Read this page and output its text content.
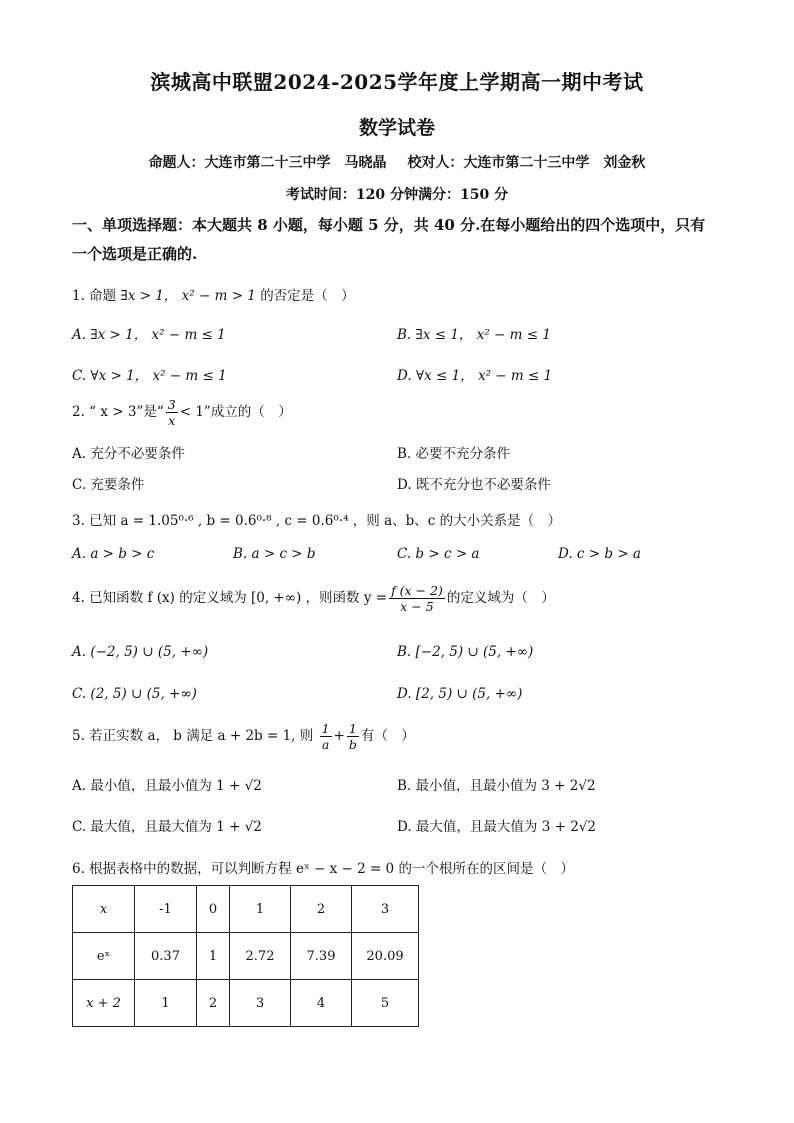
滨城高中联盟2024-2025学年度上学期高一期中考试
数学试卷
命题人：大连市第二十三中学　马晓晶 校对人：大连市第二十三中学　刘金秋
考试时间：120 分钟满分：150 分
一、单项选择题：本大题共 8 小题，每小题 5 分，共 40 分.在每小题给出的四个选项中，只有
一个选项是正确的.
1. 命题 ∃x > 1， x² − m > 1 的否定是（　）
A. ∃x > 1， x² − m ≤ 1	B. ∃x ≤ 1， x² − m ≤ 1
C. ∀x > 1， x² − m ≤ 1	D. ∀x ≤ 1， x² − m ≤ 1
2. “ x > 3”是“ $\frac{3}{x} < 1$”成立的（　）
A. 充分不必要条件	B. 必要不充分条件
C. 充要条件	D. 既不充分也不必要条件
3. 已知 a = 1.05⁰·⁶ , b = 0.6⁰·⁸ , c = 0.6⁰·⁴ ，则 a、b、c 的大小关系是（　）
A. a > b > c	B. a > c > b	C. b > c > a	D. c > b > a
4. 已知函数 f (x) 的定义域为 [0, +∞) ，则函数 $y = \frac{f (x - 2)}{x - 5}$ 的定义域为（　）
A. (−2, 5) ∪ (5, +∞)	B. [−2, 5) ∪ (5, +∞)
C. (2, 5) ∪ (5, +∞)	D. [2, 5) ∪ (5, +∞)
5. 若正实数 a， b 满足 a + 2b = 1, 则 $\frac{1}{a} + \frac{1}{b}$ 有（　）
A. 最小值，且最小值为 1 + √2	B. 最小值，且最小值为 3 + 2√2
C. 最大值，且最大值为 1 + √2	D. 最大值，且最大值为 3 + 2√2
6. 根据表格中的数据，可以判断方程 eˣ − x − 2 = 0 的一个根所在的区间是（　）
x	-1	0	1	2	3
eˣ	0.37	1	2.72	7.39	20.09
x + 2	1	2	3	4	5
